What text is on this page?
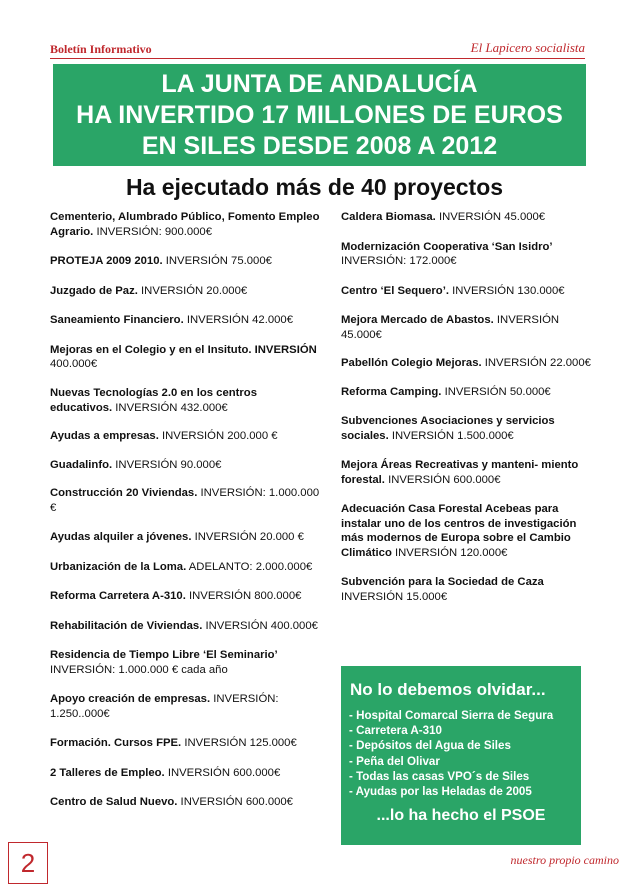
Boletín Informativo	El Lapicero socialista
LA JUNTA DE ANDALUCÍA
HA INVERTIDO 17 MILLONES DE EUROS
EN SILES DESDE 2008 A 2012
Ha ejecutado más de 40 proyectos

Cementerio, Alumbrado Público, Fomento Empleo Agrario. INVERSIÓN: 900.000€

PROTEJA 2009 2010. INVERSIÓN 75.000€

Juzgado de Paz. INVERSIÓN 20.000€

Saneamiento Financiero. INVERSIÓN 42.000€

Mejoras en el Colegio y en el Insituto. INVERSIÓN 400.000€

Nuevas Tecnologías 2.0 en los centros educativos. INVERSIÓN 432.000€

Ayudas a empresas. INVERSIÓN 200.000 €

Guadalinfo. INVERSIÓN 90.000€

Construcción 20 Viviendas. INVERSIÓN: 1.000.000 €

Ayudas alquiler a jóvenes. INVERSIÓN 20.000 €

Urbanización de la Loma. ADELANTO: 2.000.000€

Reforma Carretera A-310. INVERSIÓN 800.000€

Rehabilitación de Viviendas. INVERSIÓN 400.000€

Residencia de Tiempo Libre ‘El Seminario’ INVERSIÓN: 1.000.000 € cada año

Apoyo creación de empresas. INVERSIÓN: 1.250..000€

Formación. Cursos FPE. INVERSIÓN 125.000€

2 Talleres de Empleo. INVERSIÓN 600.000€

Centro de Salud Nuevo. INVERSIÓN 600.000€

Caldera Biomasa. INVERSIÓN 45.000€

Modernización Cooperativa ‘San Isidro’ INVERSIÓN: 172.000€

Centro ‘El Sequero’. INVERSIÓN 130.000€

Mejora Mercado de Abastos. INVERSIÓN 45.000€

Pabellón Colegio Mejoras. INVERSIÓN 22.000€

Reforma Camping. INVERSIÓN 50.000€

Subvenciones Asociaciones y servicios sociales. INVERSIÓN 1.500.000€

Mejora Áreas Recreativas y manteni- miento forestal. INVERSIÓN 600.000€

Adecuación Casa Forestal Acebeas para instalar uno de los centros de investigación más modernos de Europa sobre el Cambio Climático INVERSIÓN 120.000€

Subvención para la Sociedad de Caza INVERSIÓN 15.000€

No lo debemos olvidar...
- Hospital Comarcal Sierra de Segura
- Carretera A-310
- Depósitos del Agua de Siles
- Peña del Olivar
- Todas las casas VPO´s de Siles
- Ayudas por las Heladas de 2005
...lo ha hecho el PSOE
2	nuestro propio camino
